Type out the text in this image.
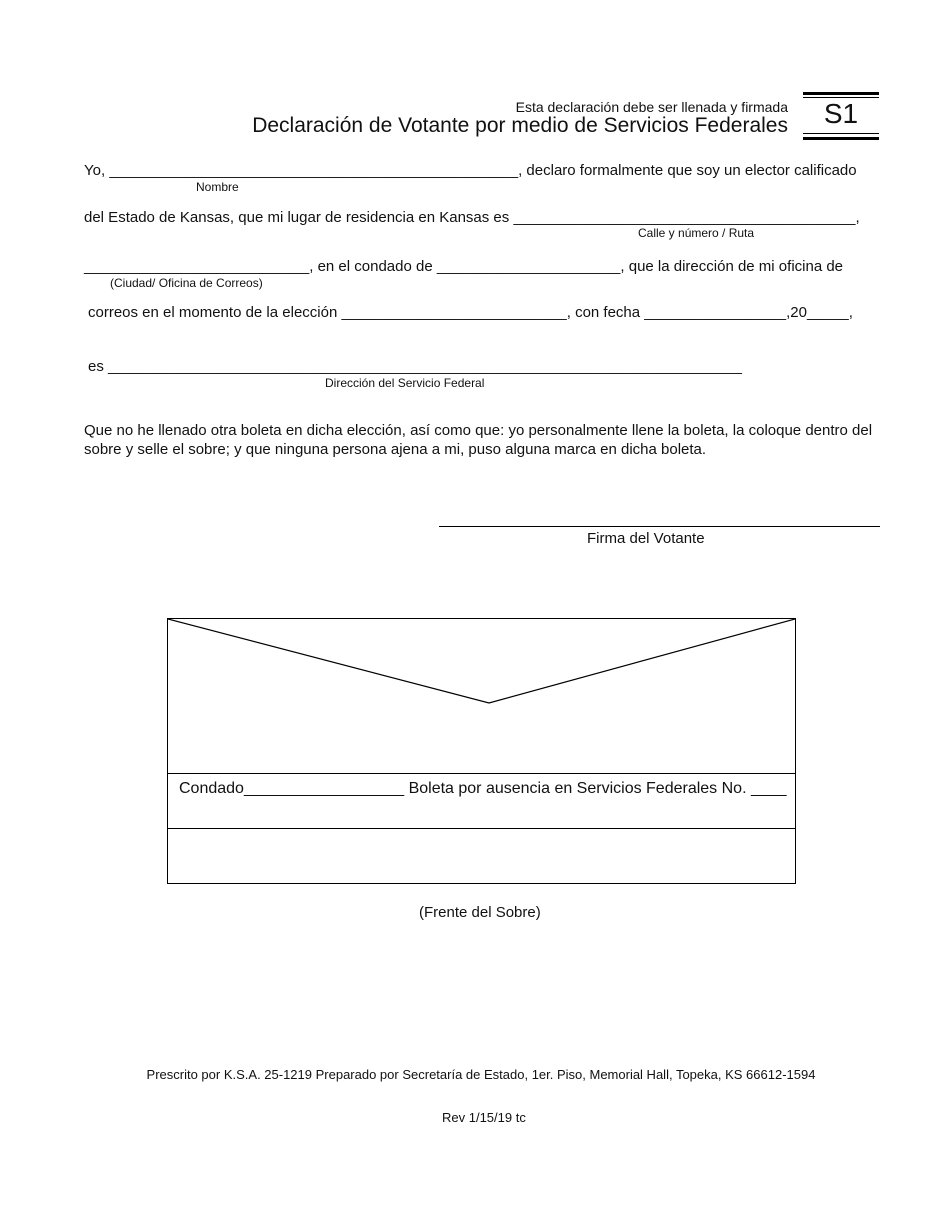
Esta declaración debe ser llenada y firmada
Declaración de Votante por medio de Servicios Federales	S1
Yo, _________________________________________________, declaro formalmente que soy un elector calificado
Nombre
del Estado de Kansas, que mi lugar de residencia en Kansas es _________________________________________,
Calle y número / Ruta
___________________________, en el condado de ______________________, que la dirección de mi oficina de
(Ciudad/ Oficina de Correos)
correos en el momento de la elección ___________________________, con fecha _________________,20_____,
es ____________________________________________________________________________
Dirección del Servicio Federal
Que no he llenado otra boleta en dicha elección, así como que: yo personalmente llene la boleta, la coloque dentro del sobre y selle el sobre; y que ninguna persona ajena a mi, puso alguna marca en dicha boleta.
Firma del Votante
Condado__________________ Boleta por ausencia en Servicios Federales No. ____
(Frente del Sobre)
Prescrito por K.S.A. 25-1219 Preparado por Secretaría de Estado, 1er. Piso, Memorial Hall, Topeka, KS 66612-1594
Rev 1/15/19 tc
